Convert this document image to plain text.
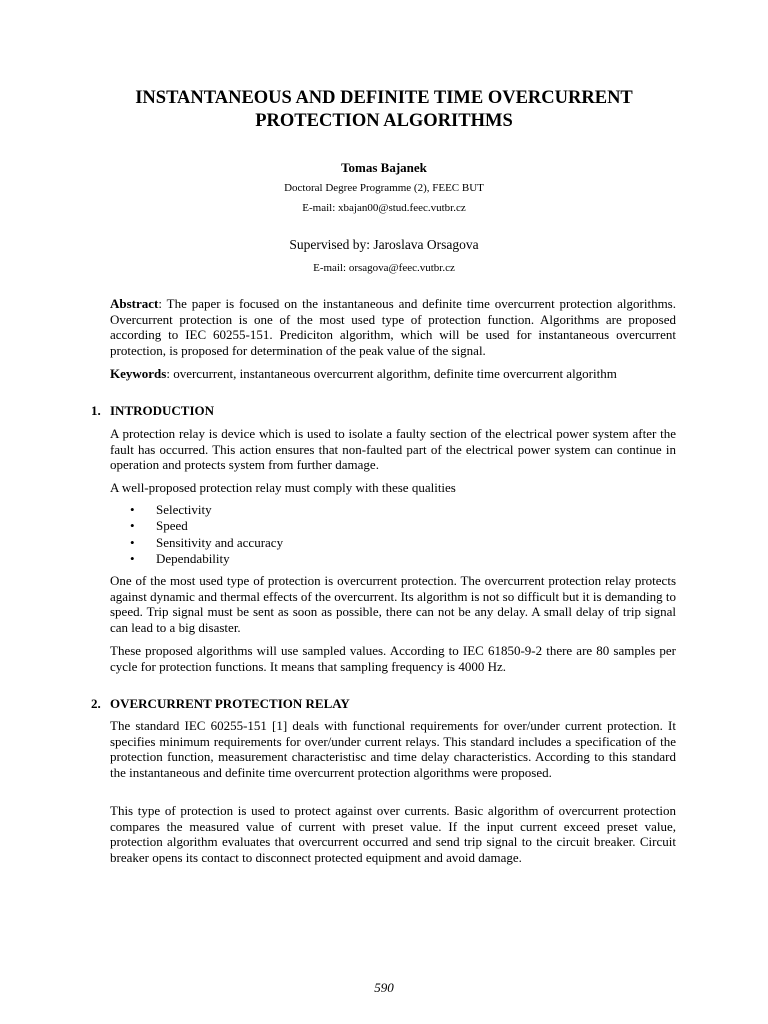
INSTANTANEOUS AND DEFINITE TIME OVERCURRENT
PROTECTION ALGORITHMS

Tomas Bajanek

Doctoral Degree Programme (2), FEEC BUT

E-mail: xbajan00@stud.feec.vutbr.cz

Supervised by: Jaroslava Orsagova

E-mail: orsagova@feec.vutbr.cz

Abstract: The paper is focused on the instantaneous and definite time overcurrent protection algorithms. Overcurrent protection is one of the most used type of protection function. Algorithms are proposed according to IEC 60255-151. Prediciton algorithm, which will be used for instantaneous overcurrent protection, is proposed for determination of the peak value of the signal.

Keywords: overcurrent, instantaneous overcurrent algorithm, definite time overcurrent algorithm

1. INTRODUCTION

A protection relay is device which is used to isolate a faulty section of the electrical power system after the fault has occurred. This action ensures that non-faulted part of the electrical power system can continue in operation and protects system from further damage.

A well-proposed protection relay must comply with these qualities

• Selectivity
• Speed
• Sensitivity and accuracy
• Dependability

One of the most used type of protection is overcurrent protection. The overcurrent protection relay protects against dynamic and thermal effects of the overcurrent. Its algorithm is not so difficult but it is demanding to speed. Trip signal must be sent as soon as possible, there can not be any delay. A small delay of trip signal can lead to a big disaster.

These proposed algorithms will use sampled values. According to IEC 61850-9-2 there are 80 samples per cycle for protection functions. It means that sampling frequency is 4000 Hz.

2. OVERCURRENT PROTECTION RELAY

The standard IEC 60255-151 [1] deals with functional requirements for over/under current protection. It specifies minimum requirements for over/under current relays. This standard includes a specification of the protection function, measurement characteristisc and time delay characteristics. According to this standard the instantaneous and definite time overcurrent protection algorithms were proposed.

This type of protection is used to protect against over currents. Basic algorithm of overcurrent protection compares the measured value of current with preset value. If the input current exceed preset value, protection algorithm evaluates that overcurrent occurred and send trip signal to the circuit breaker. Circuit breaker opens its contact to disconnect protected equipment and avoid damage.

590
